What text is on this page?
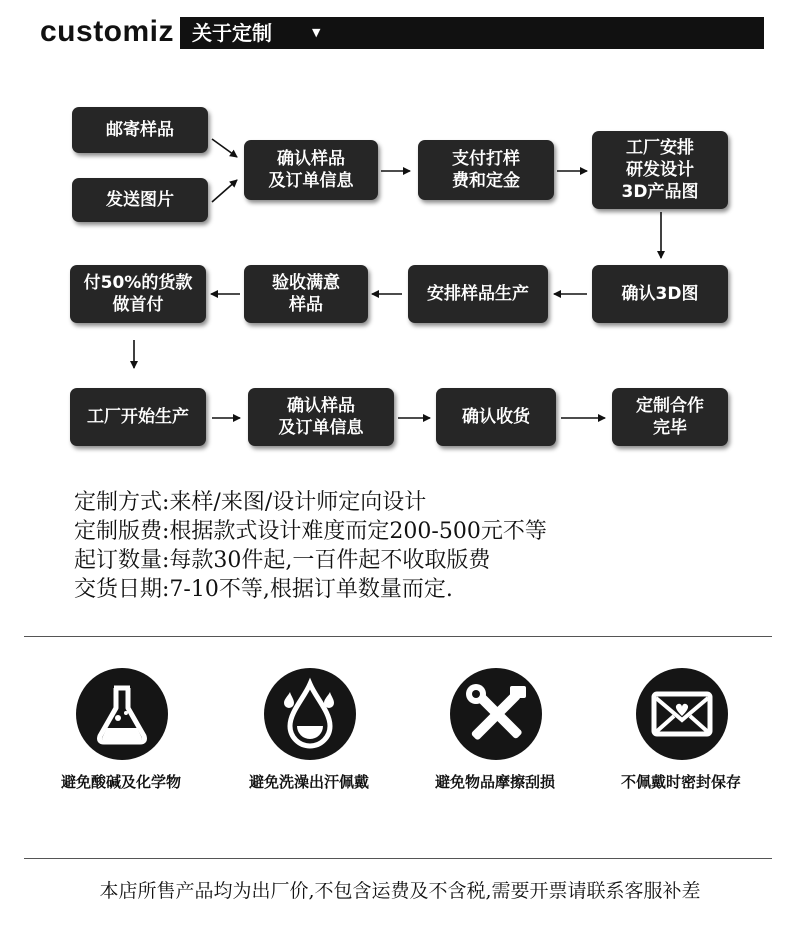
customiz 关于定制	▼
邮寄样品
发送图片
确认样品
及订单信息
支付打样
费和定金
工厂安排
研发设计
3D产品图
确认3D图
安排样品生产
验收满意
样品
付50%的货款
做首付
工厂开始生产
确认样品
及订单信息
确认收货
定制合作
完毕
定制方式:来样/来图/设计师定向设计
定制版费:根据款式设计难度而定200-500元不等
起订数量:每款30件起,一百件起不收取版费
交货日期:7-10不等,根据订单数量而定.
避免酸碱及化学物	避免洗澡出汗佩戴	避免物品摩擦刮损	不佩戴时密封保存
本店所售产品均为出厂价,不包含运费及不含税,需要开票请联系客服补差
